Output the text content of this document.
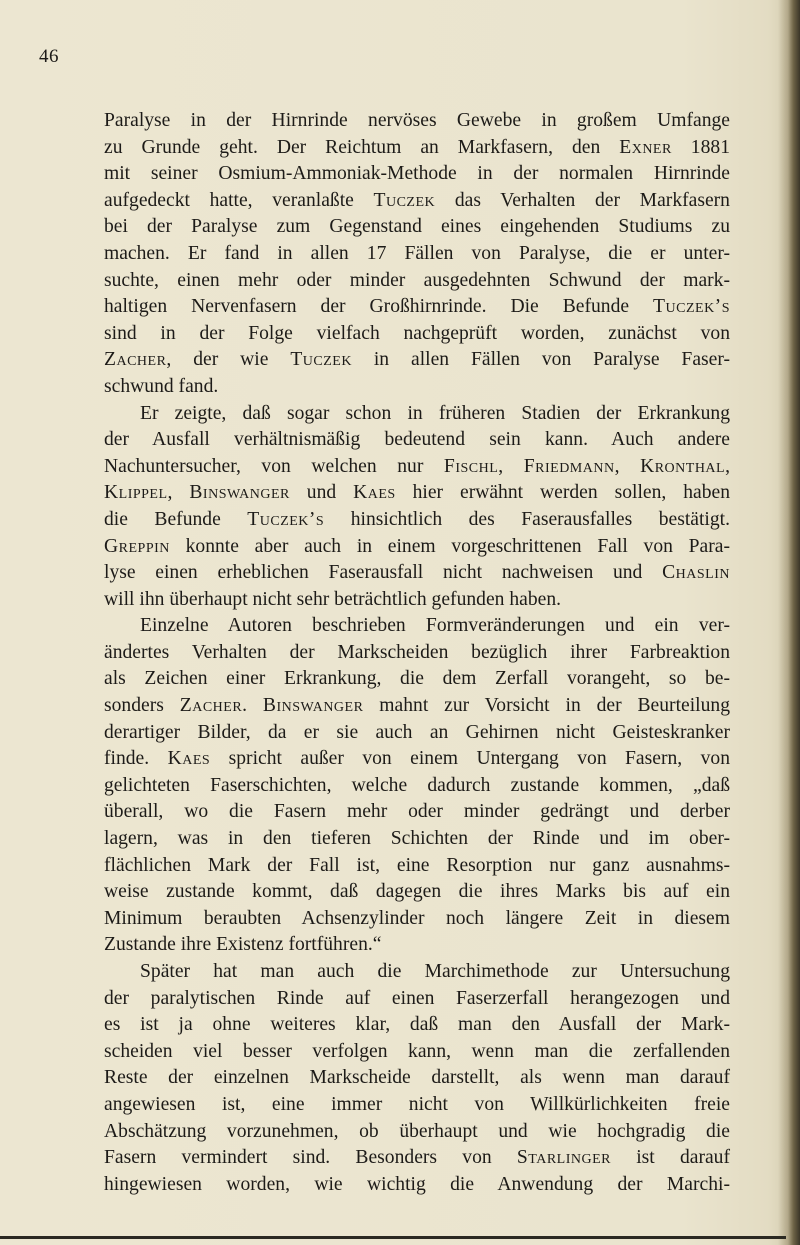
46
Paralyse in der Hirnrinde nervöses Gewebe in großem Umfange
zu Grunde geht. Der Reichtum an Markfasern, den Exner 1881
mit seiner Osmium-Ammoniak-Methode in der normalen Hirnrinde
aufgedeckt hatte, veranlaßte Tuczek das Verhalten der Markfasern
bei der Paralyse zum Gegenstand eines eingehenden Studiums zu
machen. Er fand in allen 17 Fällen von Paralyse, die er unter-
suchte, einen mehr oder minder ausgedehnten Schwund der mark-
haltigen Nervenfasern der Großhirnrinde. Die Befunde Tuczek’s
sind in der Folge vielfach nachgeprüft worden, zunächst von
Zacher, der wie Tuczek in allen Fällen von Paralyse Faser-
schwund fand.
Er zeigte, daß sogar schon in früheren Stadien der Erkrankung
der Ausfall verhältnismäßig bedeutend sein kann. Auch andere
Nachuntersucher, von welchen nur Fischl, Friedmann, Kronthal,
Klippel, Binswanger und Kaes hier erwähnt werden sollen, haben
die Befunde Tuczek’s hinsichtlich des Faserausfalles bestätigt.
Greppin konnte aber auch in einem vorgeschrittenen Fall von Para-
lyse einen erheblichen Faserausfall nicht nachweisen und Chaslin
will ihn überhaupt nicht sehr beträchtlich gefunden haben.
Einzelne Autoren beschrieben Formveränderungen und ein ver-
ändertes Verhalten der Markscheiden bezüglich ihrer Farbreaktion
als Zeichen einer Erkrankung, die dem Zerfall vorangeht, so be-
sonders Zacher. Binswanger mahnt zur Vorsicht in der Beurteilung
derartiger Bilder, da er sie auch an Gehirnen nicht Geisteskranker
finde. Kaes spricht außer von einem Untergang von Fasern, von
gelichteten Faserschichten, welche dadurch zustande kommen, „daß
überall, wo die Fasern mehr oder minder gedrängt und derber
lagern, was in den tieferen Schichten der Rinde und im ober-
flächlichen Mark der Fall ist, eine Resorption nur ganz ausnahms-
weise zustande kommt, daß dagegen die ihres Marks bis auf ein
Minimum beraubten Achsenzylinder noch längere Zeit in diesem
Zustande ihre Existenz fortführen.“
Später hat man auch die Marchimethode zur Untersuchung
der paralytischen Rinde auf einen Faserzerfall herangezogen und
es ist ja ohne weiteres klar, daß man den Ausfall der Mark-
scheiden viel besser verfolgen kann, wenn man die zerfallenden
Reste der einzelnen Markscheide darstellt, als wenn man darauf
angewiesen ist, eine immer nicht von Willkürlichkeiten freie
Abschätzung vorzunehmen, ob überhaupt und wie hochgradig die
Fasern vermindert sind. Besonders von Starlinger ist darauf
hingewiesen worden, wie wichtig die Anwendung der Marchi-
